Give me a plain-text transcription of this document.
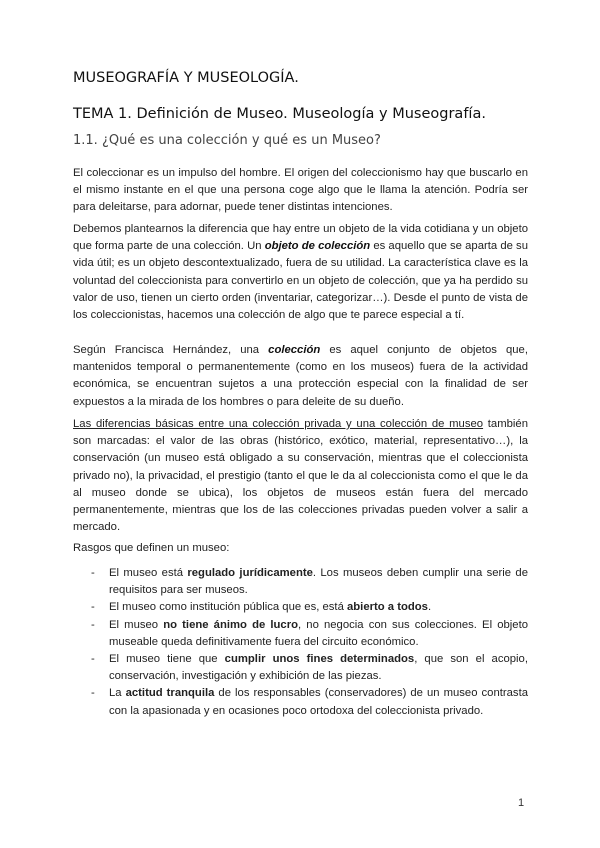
MUSEOGRAFÍA Y MUSEOLOGÍA.
TEMA 1. Definición de Museo. Museología y Museografía.
1.1. ¿Qué es una colección y qué es un Museo?
El coleccionar es un impulso del hombre. El origen del coleccionismo hay que buscarlo en el mismo instante en el que una persona coge algo que le llama la atención. Podría ser para deleitarse, para adornar, puede tener distintas intenciones.
Debemos plantearnos la diferencia que hay entre un objeto de la vida cotidiana y un objeto que forma parte de una colección. Un objeto de colección es aquello que se aparta de su vida útil; es un objeto descontextualizado, fuera de su utilidad. La característica clave es la voluntad del coleccionista para convertirlo en un objeto de colección, que ya ha perdido su valor de uso, tienen un cierto orden (inventariar, categorizar…). Desde el punto de vista de los coleccionistas, hacemos una colección de algo que te parece especial a tí.
Según Francisca Hernández, una colección es aquel conjunto de objetos que, mantenidos temporal o permanentemente (como en los museos) fuera de la actividad económica, se encuentran sujetos a una protección especial con la finalidad de ser expuestos a la mirada de los hombres o para deleite de su dueño.
Las diferencias básicas entre una colección privada y una colección de museo también son marcadas: el valor de las obras (histórico, exótico, material, representativo…), la conservación (un museo está obligado a su conservación, mientras que el coleccionista privado no), la privacidad, el prestigio (tanto el que le da al coleccionista como el que le da al museo donde se ubica), los objetos de museos están fuera del mercado permanentemente, mientras que los de las colecciones privadas pueden volver a salir a mercado.
Rasgos que definen un museo:
- El museo está regulado jurídicamente. Los museos deben cumplir una serie de requisitos para ser museos.
- El museo como institución pública que es, está abierto a todos.
- El museo no tiene ánimo de lucro, no negocia con sus colecciones. El objeto museable queda definitivamente fuera del circuito económico.
- El museo tiene que cumplir unos fines determinados, que son el acopio, conservación, investigación y exhibición de las piezas.
- La actitud tranquila de los responsables (conservadores) de un museo contrasta con la apasionada y en ocasiones poco ortodoxa del coleccionista privado.
1
